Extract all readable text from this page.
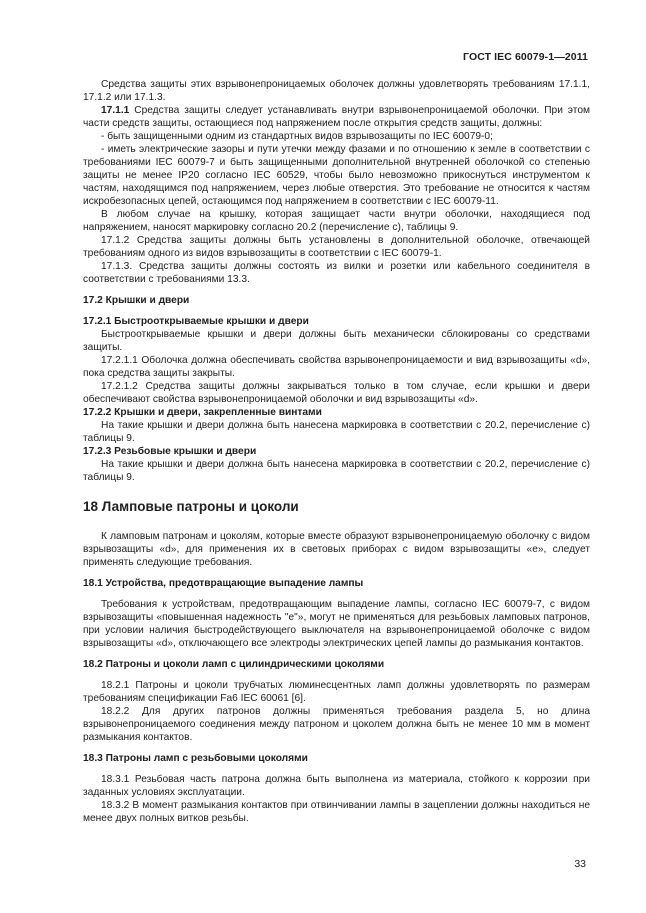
ГОСТ IEC 60079-1—2011

Средства защиты этих взрывонепроницаемых оболочек должны удовлетворять требованиям 17.1.1, 17.1.2 или 17.1.3.

17.1.1 Средства защиты следует устанавливать внутри взрывонепроницаемой оболочки. При этом части средств защиты, остающиеся под напряжением после открытия средств защиты, должны:

- быть защищенными одним из стандартных видов взрывозащиты по IEC 60079-0;

- иметь электрические зазоры и пути утечки между фазами и по отношению к земле в соответствии с требованиями IEC 60079-7 и быть защищенными дополнительной внутренней оболочкой со степенью защиты не менее IP20 согласно IEC 60529, чтобы было невозможно прикоснуться инструментом к частям, находящимся под напряжением, через любые отверстия. Это требование не относится к частям искробезопасных цепей, остающимся под напряжением в соответствии с IEC 60079-11.

В любом случае на крышку, которая защищает части внутри оболочки, находящиеся под напряжением, наносят маркировку согласно 20.2 (перечисление c), таблицы 9.

17.1.2 Средства защиты должны быть установлены в дополнительной оболочке, отвечающей требованиям одного из видов взрывозащиты в соответствии с IEC 60079-1.

17.1.3. Средства защиты должны состоять из вилки и розетки или кабельного соединителя в соответствии с требованиями 13.3.

17.2 Крышки и двери

17.2.1 Быстрооткрываемые крышки и двери

Быстрооткрываемые крышки и двери должны быть механически сблокированы со средствами защиты.

17.2.1.1 Оболочка должна обеспечивать свойства взрывонепроницаемости и вид взрывозащиты «d», пока средства защиты закрыты.

17.2.1.2 Средства защиты должны закрываться только в том случае, если крышки и двери обеспечивают свойства взрывонепроницаемой оболочки и вид взрывозащиты «d».

17.2.2 Крышки и двери, закрепленные винтами

На такие крышки и двери должна быть нанесена маркировка в соответствии с 20.2, перечисление c) таблицы 9.

17.2.3 Резьбовые крышки и двери

На такие крышки и двери должна быть нанесена маркировка в соответствии с 20.2, перечисление c) таблицы 9.

18 Ламповые патроны и цоколи

К ламповым патронам и цоколям, которые вместе образуют взрывонепроницаемую оболочку с видом взрывозащиты «d», для применения их в световых приборах с видом взрывозащиты «e», следует применять следующие требования.

18.1 Устройства, предотвращающие выпадение лампы

Требования к устройствам, предотвращающим выпадение лампы, согласно IEC 60079-7, с видом взрывозащиты «повышенная надежность "e"», могут не применяться для резьбовых ламповых патронов, при условии наличия быстродействующего выключателя на взрывонепроницаемой оболочке с видом взрывозащиты «d», отключающего все электроды электрических цепей лампы до размыкания контактов.

18.2 Патроны и цоколи ламп с цилиндрическими цоколями

18.2.1 Патроны и цоколи трубчатых люминесцентных ламп должны удовлетворять по размерам требованиям спецификации Fa6 IEC 60061 [6].

18.2.2 Для других патронов должны применяться требования раздела 5, но длина взрывонепроницаемого соединения между патроном и цоколем должна быть не менее 10 мм в момент размыкания контактов.

18.3 Патроны ламп с резьбовыми цоколями

18.3.1 Резьбовая часть патрона должна быть выполнена из материала, стойкого к коррозии при заданных условиях эксплуатации.

18.3.2 В момент размыкания контактов при отвинчивании лампы в зацеплении должны находиться не менее двух полных витков резьбы.

33
